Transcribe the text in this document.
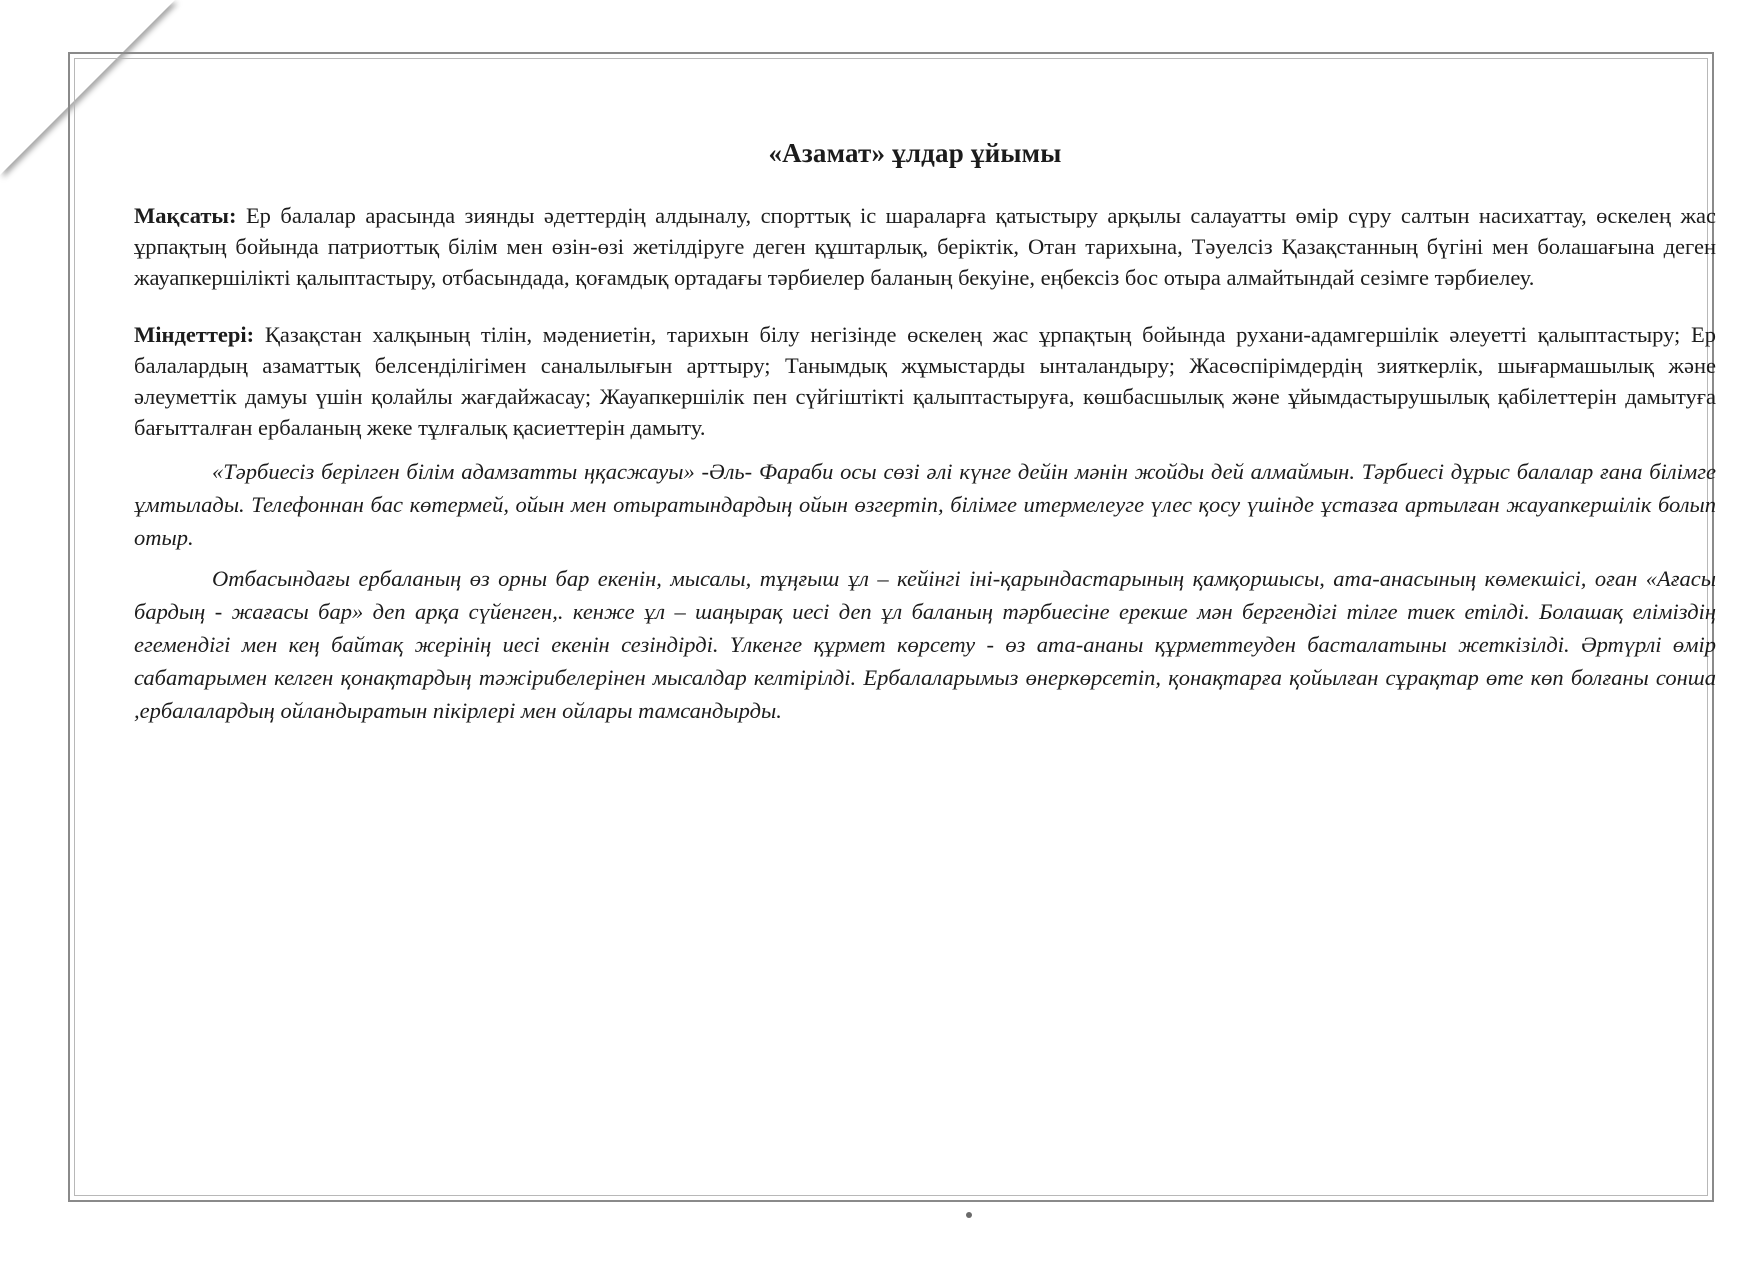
«Азамат» ұлдар ұйымы

Мақсаты: Ер балалар арасында зиянды әдеттердің алдыналу, спорттық іс шараларға қатыстыру арқылы салауатты өмір сүру салтын насихаттау, өскелең жас ұрпақтың бойында патриоттық білім мен өзін-өзі жетілдіруге деген құштарлық, беріктік, Отан тарихына, Тәуелсіз Қазақстанның бүгіні мен болашағына деген жауапкершілікті қалыптастыру, отбасындада, қоғамдық ортадағы тәрбиелер баланың бекуіне, еңбексіз бос отыра алмайтындай сезімге тәрбиелеу.

Міндеттері: Қазақстан халқының тілін, мәдениетін, тарихын білу негізінде өскелең жас ұрпақтың бойында рухани-адамгершілік әлеуетті қалыптастыру; Ер балалардың азаматтық белсенділігімен саналылығын арттыру; Танымдық жұмыстарды ынталандыру; Жасөспірімдердің зияткерлік, шығармашылық және әлеуметтік дамуы үшін қолайлы жағдайжасау; Жауапкершілік пен сүйгіштікті қалыптастыруға, көшбасшылық және ұйымдастырушылық қабілеттерін дамытуға бағытталған ербаланың жеке тұлғалық қасиеттерін дамыту.

«Тәрбиесіз берілген білім адамзатты ңқасжауы» -Әль- Фараби осы сөзі әлі күнге дейін мәнін жойды дей алмаймын. Тәрбиесі дұрыс балалар ғана білімге ұмтылады. Телефоннан бас көтермей, ойын мен отыратындардың ойын өзгертіп, білімге итермелеуге үлес қосу үшінде ұстазға артылған жауапкершілік болып отыр.

Отбасындағы ербаланың өз орны бар екенін, мысалы, тұңғыш ұл – кейінгі іні-қарындастарының қамқоршысы, ата-анасының көмекшісі, оған «Ағасы бардың - жағасы бар» деп арқа сүйенген,. кенже ұл – шаңырақ иесі деп ұл баланың тәрбиесіне ерекше мән бергендігі тілге тиек етілді. Болашақ еліміздің егемендігі мен кең байтақ жерінің иесі екенін сезіндірді. Үлкенге құрмет көрсету - өз ата-ананы құрметтеуден басталатыны жеткізілді. Әртүрлі өмір сабатарымен келген қонақтардың тәжірибелерінен мысалдар келтірілді. Ербалаларымыз өнеркөрсетіп, қонақтарға қойылған сұрақтар өте көп болғаны сонша ,ербалалардың ойландыратын пікірлері мен ойлары тамсандырды.
